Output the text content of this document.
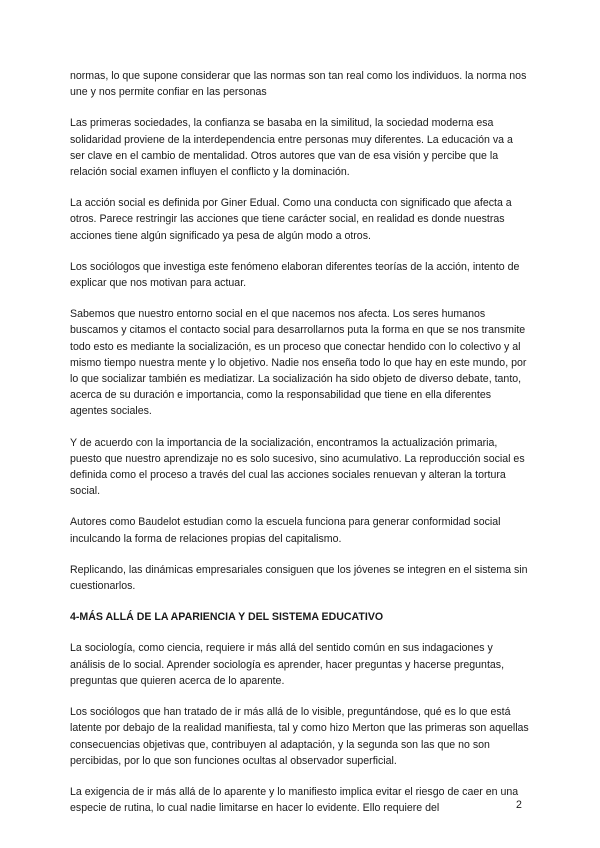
normas, lo que supone considerar que las normas son tan real como los individuos. la norma nos une y nos permite confiar en las personas

Las primeras sociedades, la confianza se basaba en la similitud, la sociedad moderna esa solidaridad proviene de la interdependencia entre personas muy diferentes. La educación va a ser clave en el cambio de mentalidad. Otros autores que van de esa visión y percibe que la relación social examen influyen el conflicto y la dominación.

La acción social es definida por Giner Edual. Como una conducta con significado que afecta a otros. Parece restringir las acciones que tiene carácter social, en realidad es donde nuestras acciones tiene algún significado ya pesa de algún modo a otros.

Los sociólogos que investiga este fenómeno elaboran diferentes teorías de la acción, intento de explicar que nos motivan para actuar.

Sabemos que nuestro entorno social en el que nacemos nos afecta. Los seres humanos buscamos y citamos el contacto social para desarrollarnos puta la forma en que se nos transmite todo esto es mediante la socialización, es un proceso que conectar hendido con lo colectivo y al mismo tiempo nuestra mente y lo objetivo. Nadie nos enseña todo lo que hay en este mundo, por lo que socializar también es mediatizar. La socialización ha sido objeto de diverso debate, tanto, acerca de su duración e importancia, como la responsabilidad que tiene en ella diferentes agentes sociales.

Y de acuerdo con la importancia de la socialización, encontramos la actualización primaria, puesto que nuestro aprendizaje no es solo sucesivo, sino acumulativo. La reproducción social es definida como el proceso a través del cual las acciones sociales renuevan y alteran la tortura social.

Autores como Baudelot estudian como la escuela funciona para generar conformidad social inculcando la forma de relaciones propias del capitalismo.

Replicando, las dinámicas empresariales consiguen que los jóvenes se integren en el sistema sin cuestionarlos.

4-MÁS ALLÁ DE LA APARIENCIA Y DEL SISTEMA EDUCATIVO

La sociología, como ciencia, requiere ir más allá del sentido común en sus indagaciones y análisis de lo social. Aprender sociología es aprender, hacer preguntas y hacerse preguntas, preguntas que quieren acerca de lo aparente.

Los sociólogos que han tratado de ir más allá de lo visible, preguntándose, qué es lo que está latente por debajo de la realidad manifiesta, tal y como hizo Merton que las primeras son aquellas consecuencias objetivas que, contribuyen al adaptación, y la segunda son las que no son percibidas, por lo que son funciones ocultas al observador superficial.

La exigencia de ir más allá de lo aparente y lo manifiesto implica evitar el riesgo de caer en una especie de rutina, lo cual nadie limitarse en hacer lo evidente. Ello requiere del	2
